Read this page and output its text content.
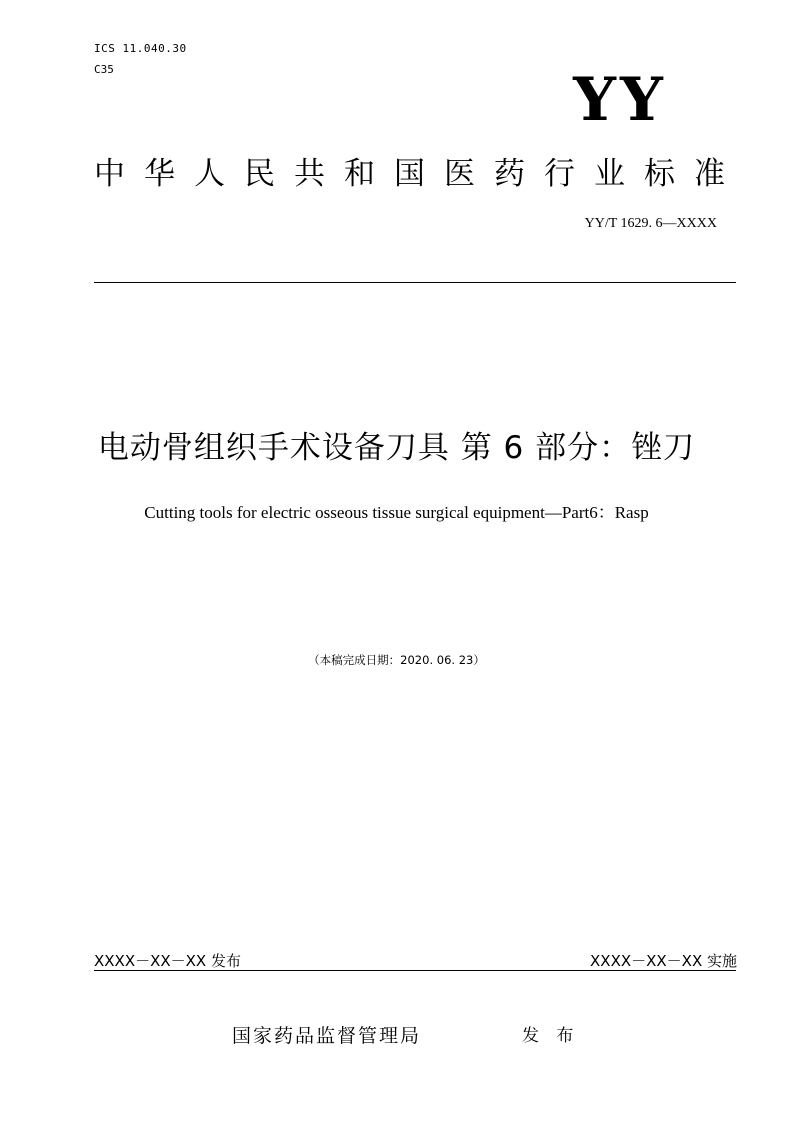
ICS 11.040.30
C35	YY
中华人民共和国医药行业标准
YY/T 1629. 6—XXXX
电动骨组织手术设备刀具 第 6 部分：锉刀
Cutting tools for electric osseous tissue surgical equipment—Part6：Rasp
（本稿完成日期：2020. 06. 23）
XXXX－XX－XX 发布	XXXX－XX－XX 实施
国家药品监督管理局	发 布
